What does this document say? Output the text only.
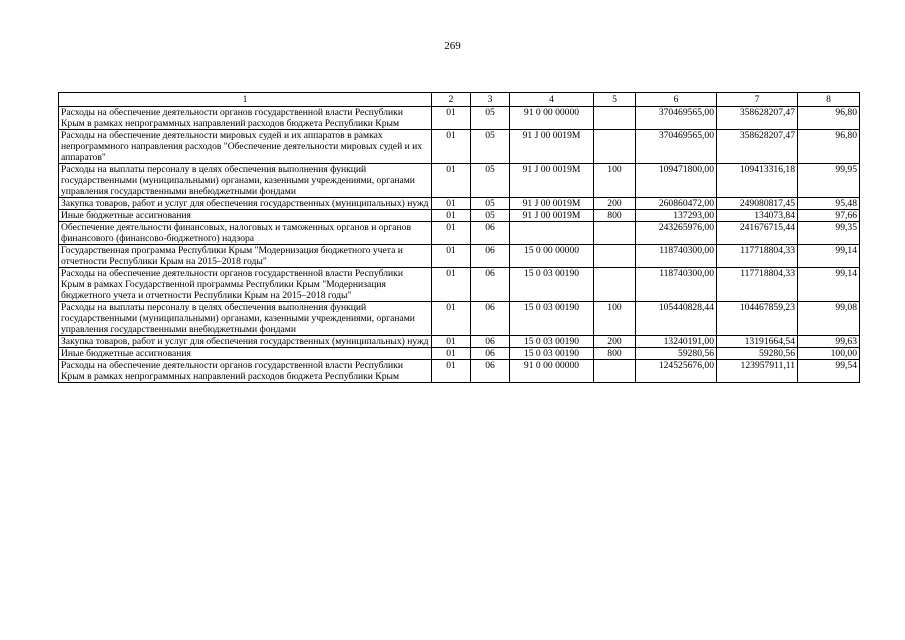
269
1	2	3	4	5	6	7	8
Расходы на обеспечение деятельности органов государственной власти Республики Крым в рамках непрограммных направлений расходов бюджета Республики Крым	01	05	91 0 00 00000		370469565,00	358628207,47	96,80
Расходы на обеспечение деятельности мировых судей и их аппаратов в рамках непрограммного направления расходов "Обеспечение деятельности мировых судей и их аппаратов"	01	05	91 J 00 0019M		370469565,00	358628207,47	96,80
Расходы на выплаты персоналу в целях обеспечения выполнения функций государственными (муниципальными) органами, казенными учреждениями, органами управления государственными внебюджетными фондами	01	05	91 J 00 0019M	100	109471800,00	109413316,18	99,95
Закупка товаров, работ и услуг для обеспечения государственных (муниципальных) нужд	01	05	91 J 00 0019M	200	260860472,00	249080817,45	95,48
Иные бюджетные ассигнования	01	05	91 J 00 0019M	800	137293,00	134073,84	97,66
Обеспечение деятельности финансовых, налоговых и таможенных органов и органов финансового (финансово-бюджетного) надзора	01	06			243265976,00	241676715,44	99,35
Государственная программа Республики Крым "Модернизация бюджетного учета и отчетности Республики Крым на 2015–2018 годы"	01	06	15 0 00 00000		118740300,00	117718804,33	99,14
Расходы на обеспечение деятельности органов государственной власти Республики Крым в рамках Государственной программы Республики Крым "Модернизация бюджетного учета и отчетности Республики Крым на 2015–2018 годы"	01	06	15 0 03 00190		118740300,00	117718804,33	99,14
Расходы на выплаты персоналу в целях обеспечения выполнения функций государственными (муниципальными) органами, казенными учреждениями, органами управления государственными внебюджетными фондами	01	06	15 0 03 00190	100	105440828,44	104467859,23	99,08
Закупка товаров, работ и услуг для обеспечения государственных (муниципальных) нужд	01	06	15 0 03 00190	200	13240191,00	13191664,54	99,63
Иные бюджетные ассигнования	01	06	15 0 03 00190	800	59280,56	59280,56	100,00
Расходы на обеспечение деятельности органов государственной власти Республики Крым в рамках непрограммных направлений расходов бюджета Республики Крым	01	06	91 0 00 00000		124525676,00	123957911,11	99,54
